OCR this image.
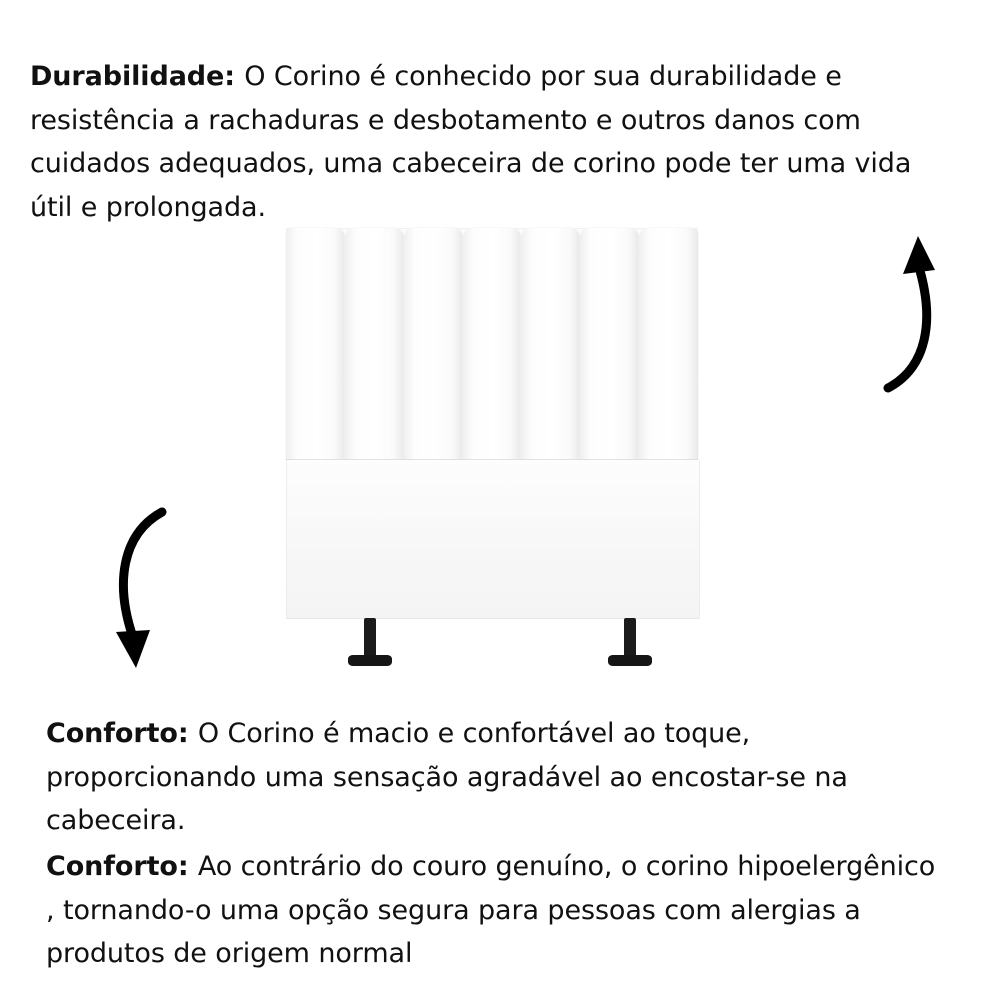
Durabilidade: O Corino é conhecido por sua durabilidade e resistência a rachaduras e desbotamento e outros danos com cuidados adequados, uma cabeceira de corino pode ter uma vida útil e prolongada.

Conforto: O Corino é macio e confortável ao toque, proporcionando uma sensação agradável ao encostar-se na cabeceira.

Conforto: Ao contrário do couro genuíno, o corino hipoelergênico , tornando-o uma opção segura para pessoas com alergias a produtos de origem normal
